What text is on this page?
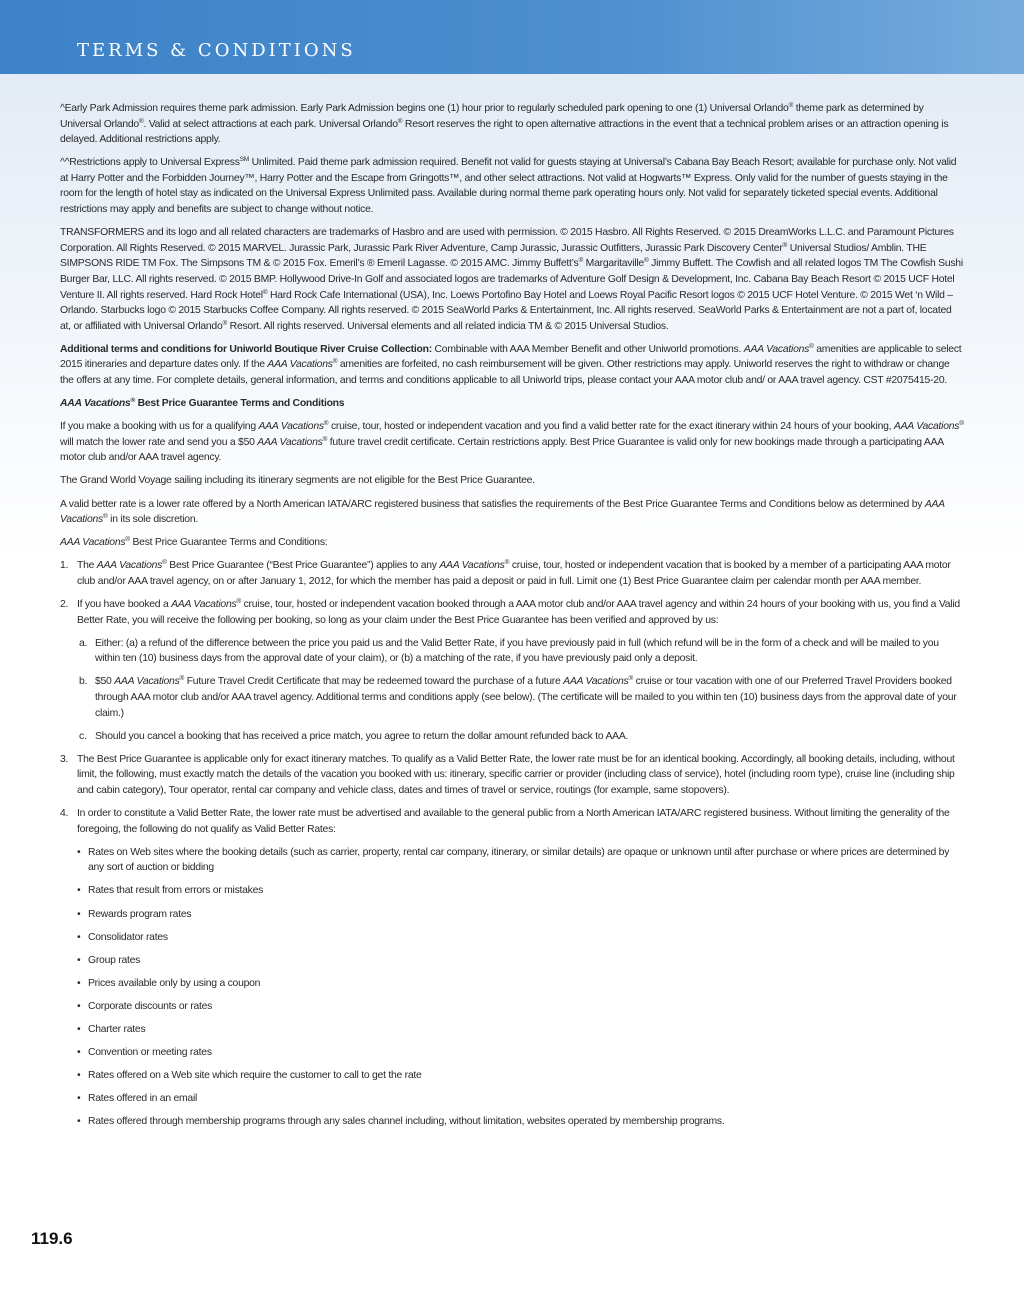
TERMS & CONDITIONS

^Early Park Admission requires theme park admission. Early Park Admission begins one (1) hour prior to regularly scheduled park opening to one (1) Universal Orlando® theme park as determined by Universal Orlando®. Valid at select attractions at each park. Universal Orlando® Resort reserves the right to open alternative attractions in the event that a technical problem arises or an attraction opening is delayed. Additional restrictions apply.

^^Restrictions apply to Universal Express℠ Unlimited. Paid theme park admission required. Benefit not valid for guests staying at Universal’s Cabana Bay Beach Resort; available for purchase only. Not valid at Harry Potter and the Forbidden Journey™, Harry Potter and the Escape from Gringotts™, and other select attractions. Not valid at Hogwarts™ Express. Only valid for the number of guests staying in the room for the length of hotel stay as indicated on the Universal Express Unlimited pass. Available during normal theme park operating hours only. Not valid for separately ticketed special events. Additional restrictions may apply and benefits are subject to change without notice.

TRANSFORMERS and its logo and all related characters are trademarks of Hasbro and are used with permission. © 2015 Hasbro. All Rights Reserved. © 2015 DreamWorks L.L.C. and Paramount Pictures Corporation. All Rights Reserved. © 2015 MARVEL. Jurassic Park, Jurassic Park River Adventure, Camp Jurassic, Jurassic Outfitters, Jurassic Park Discovery Center® Universal Studios/ Amblin. THE SIMPSONS RIDE TM Fox. The Simpsons TM & © 2015 Fox. Emeril’s ® Emeril Lagasse. © 2015 AMC. Jimmy Buffett’s® Margaritaville® Jimmy Buffett. The Cowfish and all related logos TM The Cowfish Sushi Burger Bar, LLC. All rights reserved. © 2015 BMP. Hollywood Drive-In Golf and associated logos are trademarks of Adventure Golf Design & Development, Inc. Cabana Bay Beach Resort © 2015 UCF Hotel Venture II. All rights reserved. Hard Rock Hotel® Hard Rock Cafe International (USA), Inc. Loews Portofino Bay Hotel and Loews Royal Pacific Resort logos © 2015 UCF Hotel Venture. © 2015 Wet ‘n Wild – Orlando. Starbucks logo © 2015 Starbucks Coffee Company. All rights reserved. © 2015 SeaWorld Parks & Entertainment, Inc. All rights reserved. SeaWorld Parks & Entertainment are not a part of, located at, or affiliated with Universal Orlando® Resort. All rights reserved. Universal elements and all related indicia TM & © 2015 Universal Studios.

Additional terms and conditions for Uniworld Boutique River Cruise Collection: Combinable with AAA Member Benefit and other Uniworld promotions. AAA Vacations® amenities are applicable to select 2015 itineraries and departure dates only. If the AAA Vacations® amenities are forfeited, no cash reimbursement will be given. Other restrictions may apply. Uniworld reserves the right to withdraw or change the offers at any time. For complete details, general information, and terms and conditions applicable to all Uniworld trips, please contact your AAA motor club and/ or AAA travel agency. CST #2075415-20.

AAA Vacations® Best Price Guarantee Terms and Conditions

If you make a booking with us for a qualifying AAA Vacations® cruise, tour, hosted or independent vacation and you find a valid better rate for the exact itinerary within 24 hours of your booking, AAA Vacations® will match the lower rate and send you a $50 AAA Vacations® future travel credit certificate. Certain restrictions apply. Best Price Guarantee is valid only for new bookings made through a participating AAA motor club and/or AAA travel agency.

The Grand World Voyage sailing including its itinerary segments are not eligible for the Best Price Guarantee.

A valid better rate is a lower rate offered by a North American IATA/ARC registered business that satisfies the requirements of the Best Price Guarantee Terms and Conditions below as determined by AAA Vacations® in its sole discretion.

AAA Vacations® Best Price Guarantee Terms and Conditions:

1. The AAA Vacations® Best Price Guarantee (“Best Price Guarantee”) applies to any AAA Vacations® cruise, tour, hosted or independent vacation that is booked by a member of a participating AAA motor club and/or AAA travel agency, on or after January 1, 2012, for which the member has paid a deposit or paid in full. Limit one (1) Best Price Guarantee claim per calendar month per AAA member.
2. If you have booked a AAA Vacations® cruise, tour, hosted or independent vacation booked through a AAA motor club and/or AAA travel agency and within 24 hours of your booking with us, you find a Valid Better Rate, you will receive the following per booking, so long as your claim under the Best Price Guarantee has been verified and approved by us:
a. Either: (a) a refund of the difference between the price you paid us and the Valid Better Rate, if you have previously paid in full (which refund will be in the form of a check and will be mailed to you within ten (10) business days from the approval date of your claim), or (b) a matching of the rate, if you have previously paid only a deposit.
b. $50 AAA Vacations® Future Travel Credit Certificate that may be redeemed toward the purchase of a future AAA Vacations® cruise or tour vacation with one of our Preferred Travel Providers booked through AAA motor club and/or AAA travel agency. Additional terms and conditions apply (see below). (The certificate will be mailed to you within ten (10) business days from the approval date of your claim.)
c. Should you cancel a booking that has received a price match, you agree to return the dollar amount refunded back to AAA.
3. The Best Price Guarantee is applicable only for exact itinerary matches. To qualify as a Valid Better Rate, the lower rate must be for an identical booking. Accordingly, all booking details, including, without limit, the following, must exactly match the details of the vacation you booked with us: itinerary, specific carrier or provider (including class of service), hotel (including room type), cruise line (including ship and cabin category), Tour operator, rental car company and vehicle class, dates and times of travel or service, routings (for example, same stopovers).
4. In order to constitute a Valid Better Rate, the lower rate must be advertised and available to the general public from a North American IATA/ARC registered business. Without limiting the generality of the foregoing, the following do not qualify as Valid Better Rates:
• Rates on Web sites where the booking details (such as carrier, property, rental car company, itinerary, or similar details) are opaque or unknown until after purchase or where prices are determined by any sort of auction or bidding
• Rates that result from errors or mistakes
• Rewards program rates
• Consolidator rates
• Group rates
• Prices available only by using a coupon
• Corporate discounts or rates
• Charter rates
• Convention or meeting rates
• Rates offered on a Web site which require the customer to call to get the rate
• Rates offered in an email
• Rates offered through membership programs through any sales channel including, without limitation, websites operated by membership programs.
119.6
